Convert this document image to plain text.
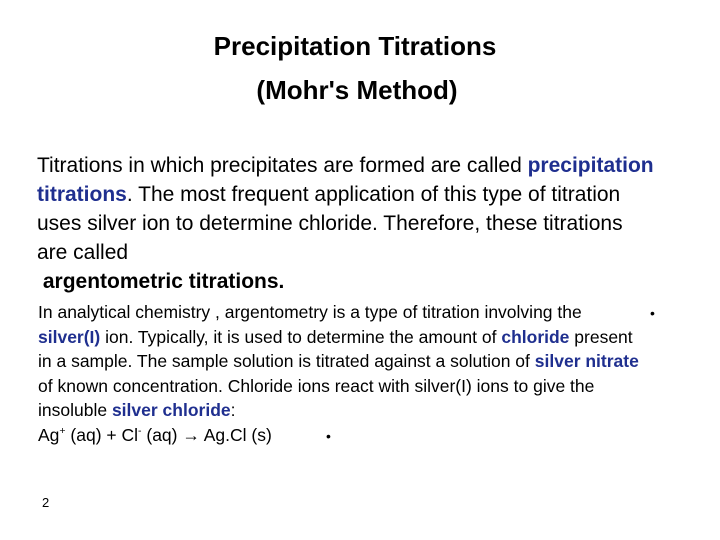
Precipitation Titrations
(Mohr's Method)
Titrations in which precipitates are formed are called precipitation titrations. The most frequent application of this type of titration uses silver ion to determine chloride. Therefore, these titrations are called
argentometric titrations.
In analytical chemistry , argentometry is a type of titration involving the silver(I) ion. Typically, it is used to determine the amount of chloride present in a sample. The sample solution is titrated against a solution of silver nitrate of known concentration. Chloride ions react with silver(I) ions to give the insoluble silver chloride:
Ag+ (aq) + Cl- (aq) → Ag.Cl (s)
•
•
2
